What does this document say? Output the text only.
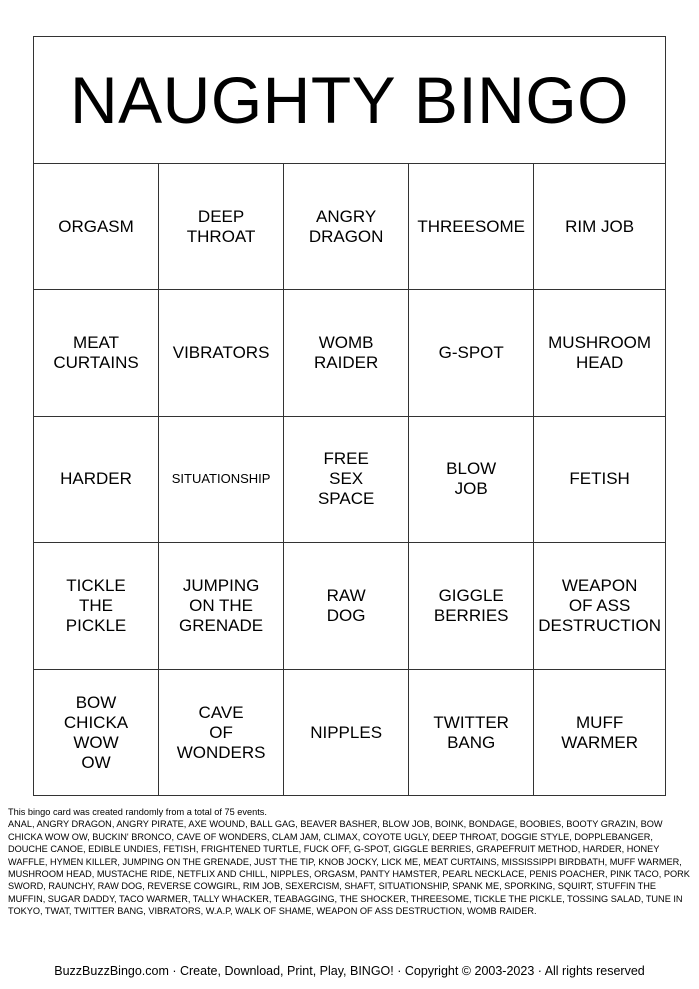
NAUGHTY BINGO
ORGASM
DEEP
THROAT
ANGRY
DRAGON
THREESOME	RIM JOB
MEAT
CURTAINS
VIBRATORS
WOMB
RAIDER
G-SPOT
MUSHROOM
HEAD
HARDER	SITUATIONSHIP
FREE
SEX
SPACE
BLOW
JOB
FETISH
TICKLE
THE
PICKLE
JUMPING
ON THE
GRENADE
RAW
DOG
GIGGLE
BERRIES
WEAPON
OF ASS
DESTRUCTION
BOW
CHICKA
WOW
OW
CAVE
OF
WONDERS
NIPPLES
TWITTER
BANG
MUFF
WARMER
This bingo card was created randomly from a total of 75 events.
ANAL, ANGRY DRAGON, ANGRY PIRATE, AXE WOUND, BALL GAG, BEAVER BASHER, BLOW JOB, BOINK, BONDAGE, BOOBIES, BOOTY GRAZIN, BOW CHICKA WOW OW, BUCKIN' BRONCO, CAVE OF WONDERS, CLAM JAM, CLIMAX, COYOTE UGLY, DEEP THROAT, DOGGIE STYLE, DOPPLEBANGER, DOUCHE CANOE, EDIBLE UNDIES, FETISH, FRIGHTENED TURTLE, FUCK OFF, G-SPOT, GIGGLE BERRIES, GRAPEFRUIT METHOD, HARDER, HONEY WAFFLE, HYMEN KILLER, JUMPING ON THE GRENADE, JUST THE TIP, KNOB JOCKY, LICK ME, MEAT CURTAINS, MISSISSIPPI BIRDBATH, MUFF WARMER, MUSHROOM HEAD, MUSTACHE RIDE, NETFLIX AND CHILL, NIPPLES, ORGASM, PANTY HAMSTER, PEARL NECKLACE, PENIS POACHER, PINK TACO, PORK SWORD, RAUNCHY, RAW DOG, REVERSE COWGIRL, RIM JOB, SEXERCISM, SHAFT, SITUATIONSHIP, SPANK ME, SPORKING, SQUIRT, STUFFIN THE MUFFIN, SUGAR DADDY, TACO WARMER, TALLY WHACKER, TEABAGGING, THE SHOCKER, THREESOME, TICKLE THE PICKLE, TOSSING SALAD, TUNE IN TOKYO, TWAT, TWITTER BANG, VIBRATORS, W.A.P, WALK OF SHAME, WEAPON OF ASS DESTRUCTION, WOMB RAIDER.
BuzzBuzzBingo.com · Create, Download, Print, Play, BINGO! · Copyright © 2003-2023 · All rights reserved
